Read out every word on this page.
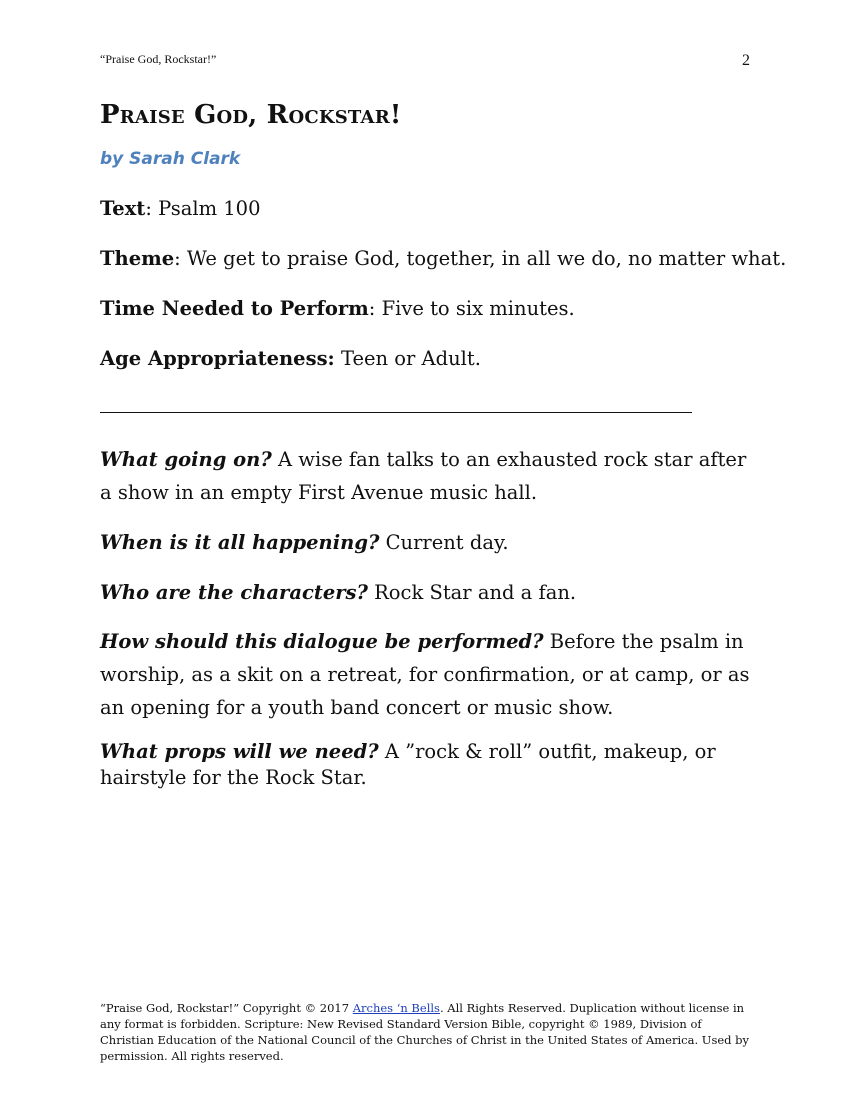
“Praise God, Rockstar!”	2
Praise God, Rockstar!
by Sarah Clark

Text: Psalm 100

Theme: We get to praise God, together, in all we do, no matter what.

Time Needed to Perform: Five to six minutes.

Age Appropriateness: Teen or Adult.

What going on? A wise fan talks to an exhausted rock star after a show in an empty First Avenue music hall.

When is it all happening? Current day.

Who are the characters? Rock Star and a fan.

How should this dialogue be performed? Before the psalm in worship, as a skit on a retreat, for confirmation, or at camp, or as an opening for a youth band concert or music show.

What props will we need? A ”rock & roll” outfit, makeup, or hairstyle for the Rock Star.

“Praise God, Rockstar!” Copyright © 2017 Arches ‘n Bells. All Rights Reserved. Duplication without license in any format is forbidden. Scripture: New Revised Standard Version Bible, copyright © 1989, Division of Christian Education of the National Council of the Churches of Christ in the United States of America. Used by permission. All rights reserved.
